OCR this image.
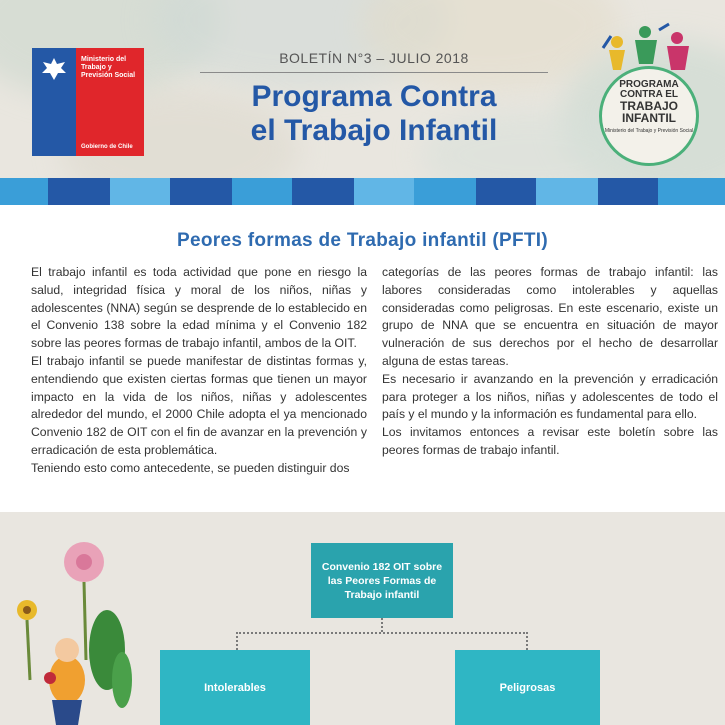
Ministerio del Trabajo y Previsión Social
Gobierno de Chile
BOLETÍN N°3 – JULIO 2018
Programa Contra
el Trabajo Infantil
PROGRAMA
CONTRA EL
TRABAJO
INFANTIL
Ministerio del Trabajo y Previsión Social
Peores formas de Trabajo infantil (PFTI)

El trabajo infantil es toda actividad que pone en riesgo la salud, integridad física y moral de los niños, niñas y adolescentes (NNA) según se desprende de lo establecido en el Convenio 138 sobre la edad mínima y el Convenio 182 sobre las peores formas de trabajo infantil, ambos de la OIT.

El trabajo infantil se puede manifestar de distintas formas y, entendiendo que existen ciertas formas que tienen un mayor impacto en la vida de los niños, niñas y adolescentes alrededor del mundo, el 2000 Chile adopta el ya mencionado Convenio 182 de OIT con el fin de avanzar en la prevención y erradicación de esta problemática.

Teniendo esto como antecedente, se pueden distinguir dos

categorías de las peores formas de trabajo infantil: las labores consideradas como intolerables y aquellas consideradas como peligrosas. En este escenario, existe un grupo de NNA que se encuentra en situación de mayor vulneración de sus derechos por el hecho de desarrollar alguna de estas tareas.

Es necesario ir avanzando en la prevención y erradicación para proteger a los niños, niñas y adolescentes de todo el país y el mundo y la información es fundamental para ello.

Los invitamos entonces a revisar este boletín sobre las peores formas de trabajo infantil.

Convenio 182 OIT sobre las Peores Formas de Trabajo infantil
Intolerables	Peligrosas
